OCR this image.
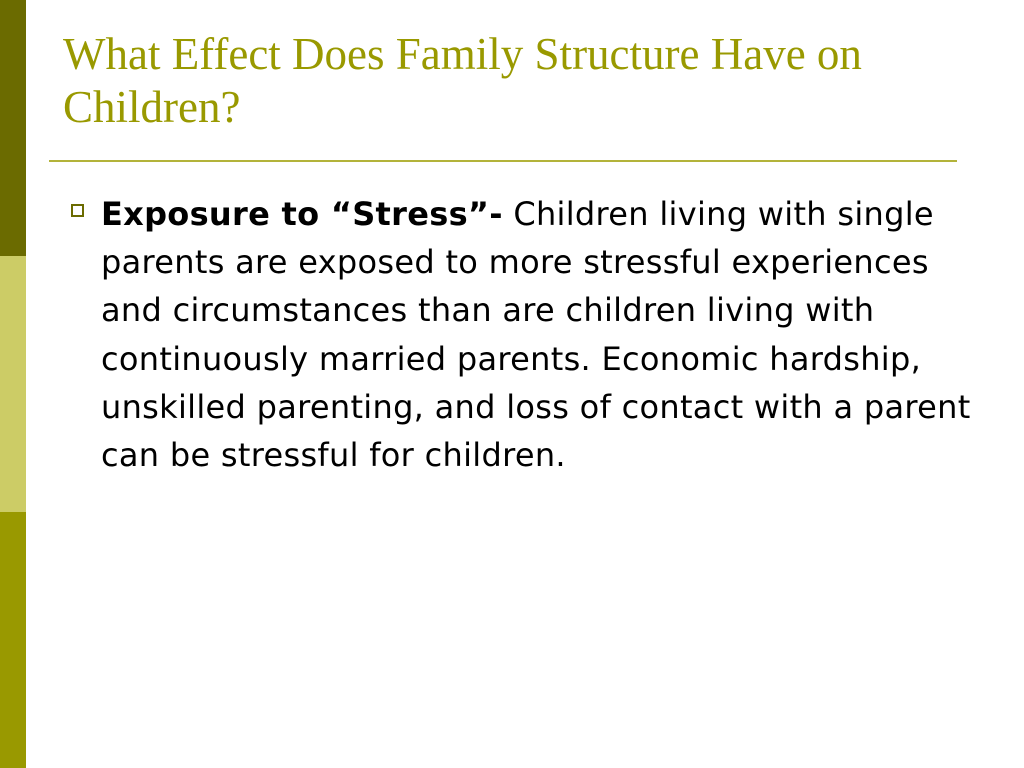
What Effect Does Family Structure Have on Children?

Exposure to “Stress”- Children living with single parents are exposed to more stressful experiences and circumstances than are children living with continuously married parents. Economic hardship, unskilled parenting, and loss of contact with a parent can be stressful for children.
